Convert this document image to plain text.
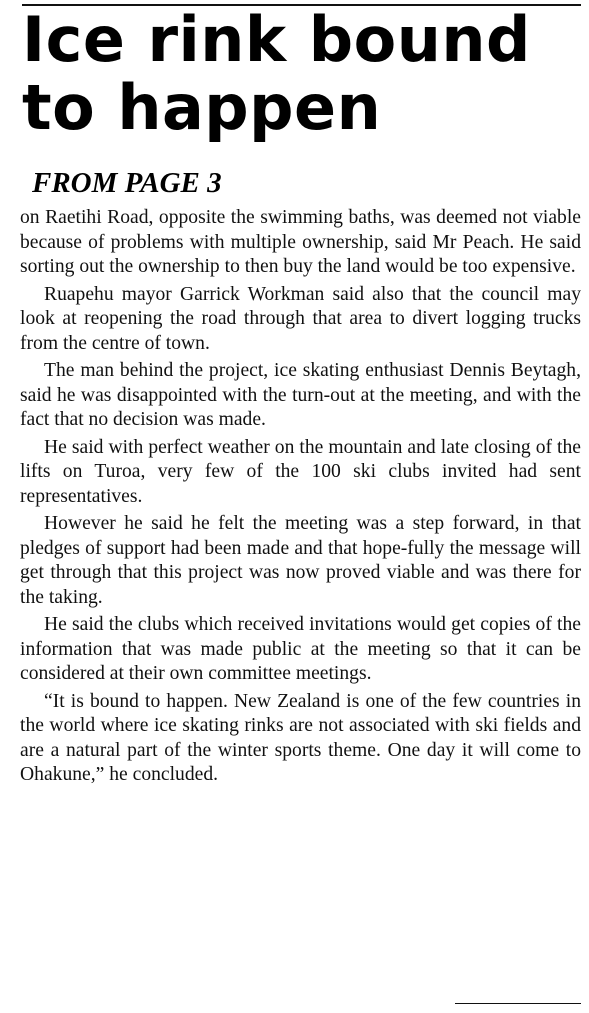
Ice rink bound
to happen
FROM PAGE 3

on Raetihi Road, opposite the swimming baths, was deemed not viable because of problems with multiple ownership, said Mr Peach. He said sorting out the ownership to then buy the land would be too expensive.

Ruapehu mayor Garrick Workman said also that the council may look at reopening the road through that area to divert logging trucks from the centre of town.

The man behind the project, ice skating enthusiast Dennis Beytagh, said he was disappointed with the turn-out at the meeting, and with the fact that no decision was made.

He said with perfect weather on the mountain and late closing of the lifts on Turoa, very few of the 100 ski clubs invited had sent representatives.

However he said he felt the meeting was a step forward, in that pledges of support had been made and that hope-fully the message will get through that this project was now proved viable and was there for the taking.

He said the clubs which received invitations would get copies of the information that was made public at the meeting so that it can be considered at their own committee meetings.

“It is bound to happen. New Zealand is one of the few countries in the world where ice skating rinks are not associated with ski fields and are a natural part of the winter sports theme. One day it will come to Ohakune,” he concluded.
